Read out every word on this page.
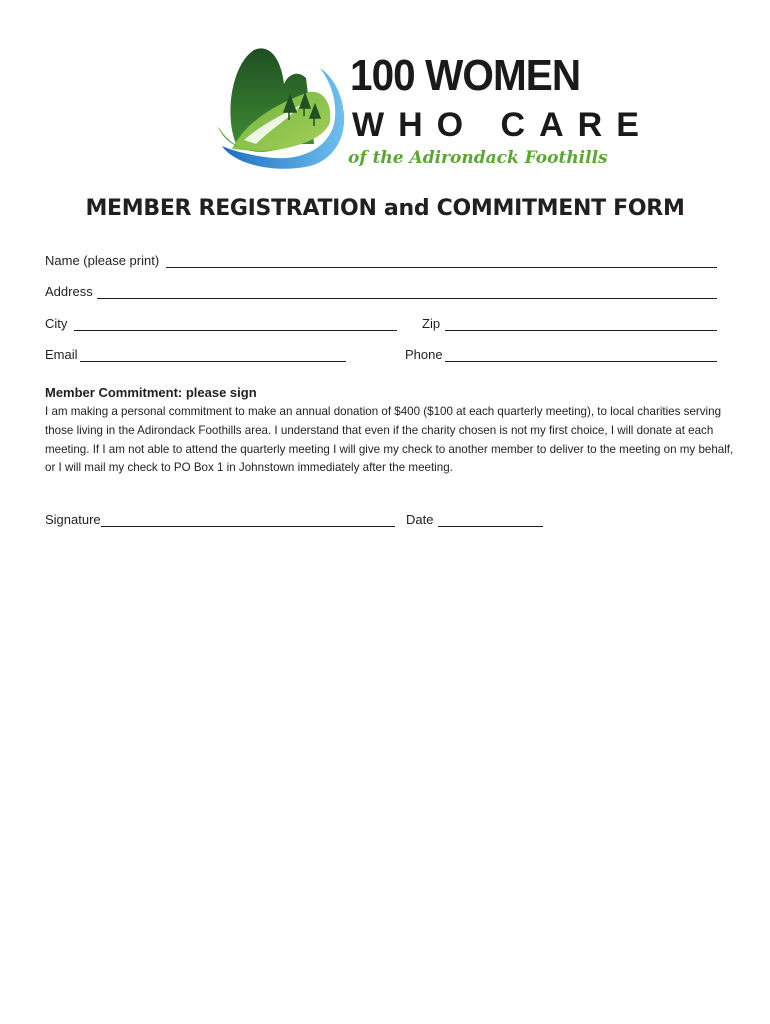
100 WOMEN
WHO CARE
of the Adirondack Foothills
MEMBER REGISTRATION and COMMITMENT FORM
Name (please print)
Address
City	Zip
Email	Phone
Member Commitment: please sign
I am making a personal commitment to make an annual donation of $400 ($100 at each quarterly meeting), to local charities serving those living in the Adirondack Foothills area. I understand that even if the charity chosen is not my first choice, I will donate at each meeting. If I am not able to attend the quarterly meeting I will give my check to another member to deliver to the meeting on my behalf, or I will mail my check to PO Box 1 in Johnstown immediately after the meeting.
Signature	Date
